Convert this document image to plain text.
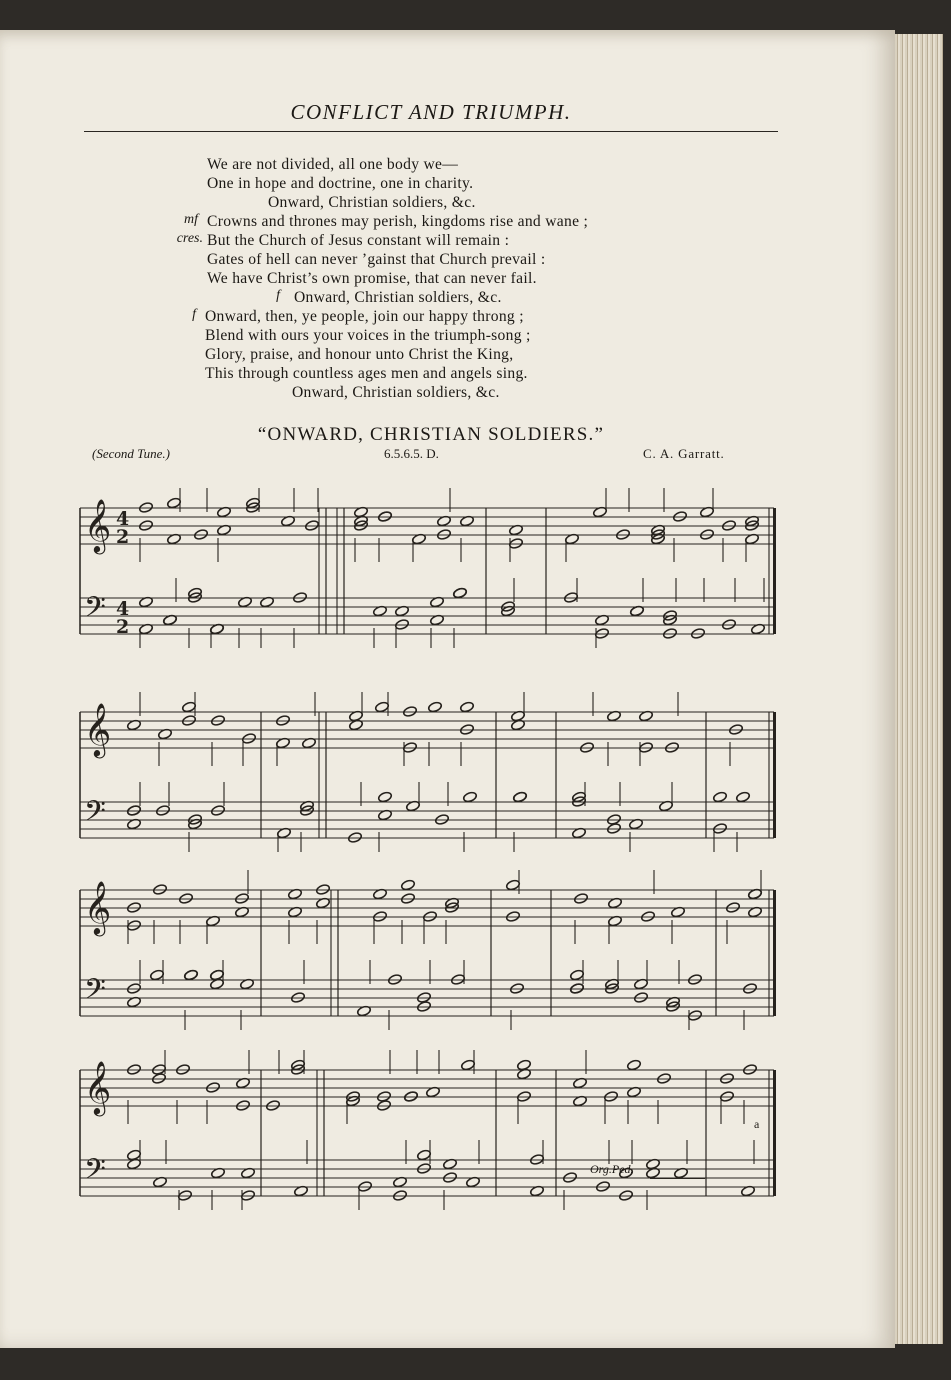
CONFLICT AND TRIUMPH.
We are not divided, all one body we—
One in hope and doctrine, one in charity.
Onward, Christian soldiers, &c.
mf Crowns and thrones may perish, kingdoms rise and wane ;
cres. But the Church of Jesus constant will remain :
Gates of hell can never ’gainst that Church prevail :
We have Christ’s own promise, that can never fail.
f Onward, Christian soldiers, &c.
f Onward, then, ye people, join our happy throng ;
Blend with ours your voices in the triumph-song ;
Glory, praise, and honour unto Christ the King,
This through countless ages men and angels sing.
Onward, Christian soldiers, &c.
“ONWARD, CHRISTIAN SOLDIERS.”
(Second Tune.)	6.5.6.5. D.	C. A. Garratt.
𝄞 4
2
𝄢 4
2
𝄞
𝄢
𝄞
𝄢
𝄞
𝄢
a
Org.Ped.
